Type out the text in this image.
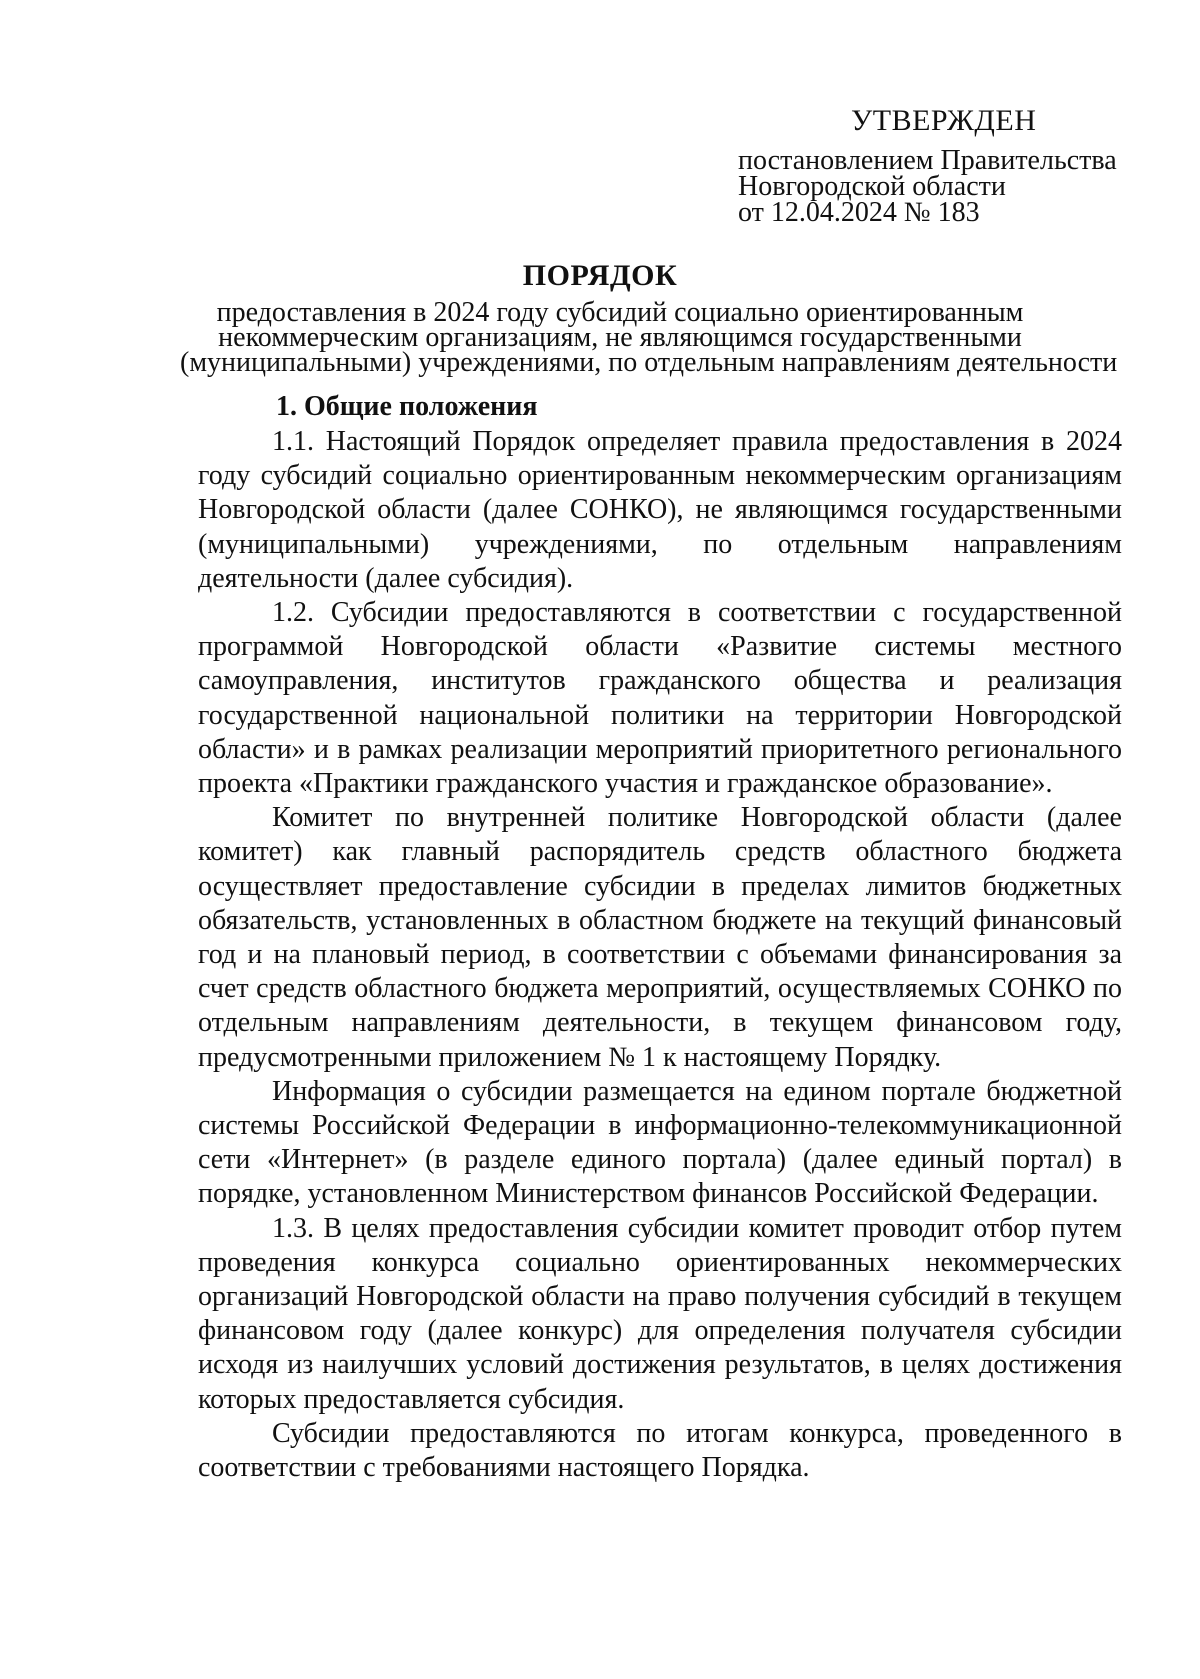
УТВЕРЖДЕН
постановлением Правительства
Новгородской области
от 12.04.2024 № 183
ПОРЯДОК
предоставления в 2024 году субсидий социально ориентированным
некоммерческим организациям, не являющимся государственными
(муниципальными) учреждениями, по отдельным направлениям деятельности
1. Общие положения

1.1. Настоящий Порядок определяет правила предоставления в 2024 году субсидий социально ориентированным некоммерческим организациям Новгородской области (далее СОНКО), не являющимся государственными (муниципальными) учреждениями, по отдельным направлениям деятельности (далее субсидия).

1.2. Субсидии предоставляются в соответствии с государственной программой Новгородской области «Развитие системы местного самоуправления, институтов гражданского общества и реализация государственной национальной политики на территории Новгородской области» и в рамках реализации мероприятий приоритетного регионального проекта «Практики гражданского участия и гражданское образование».

Комитет по внутренней политике Новгородской области (далее комитет) как главный распорядитель средств областного бюджета осуществляет предоставление субсидии в пределах лимитов бюджетных обязательств, установленных в областном бюджете на текущий финансовый год и на плановый период, в соответствии с объемами финансирования за счет средств областного бюджета мероприятий, осуществляемых СОНКО по отдельным направлениям деятельности, в текущем финансовом году, предусмотренными приложением № 1 к настоящему Порядку.

Информация о субсидии размещается на едином портале бюджетной системы Российской Федерации в информационно-телекоммуникационной сети «Интернет» (в разделе единого портала) (далее единый портал) в порядке, установленном Министерством финансов Российской Федерации.

1.3. В целях предоставления субсидии комитет проводит отбор путем проведения конкурса социально ориентированных некоммерческих организаций Новгородской области на право получения субсидий в текущем финансовом году (далее конкурс) для определения получателя субсидии исходя из наилучших условий достижения результатов, в целях достижения которых предоставляется субсидия.

Субсидии предоставляются по итогам конкурса, проведенного в соответствии с требованиями настоящего Порядка.
